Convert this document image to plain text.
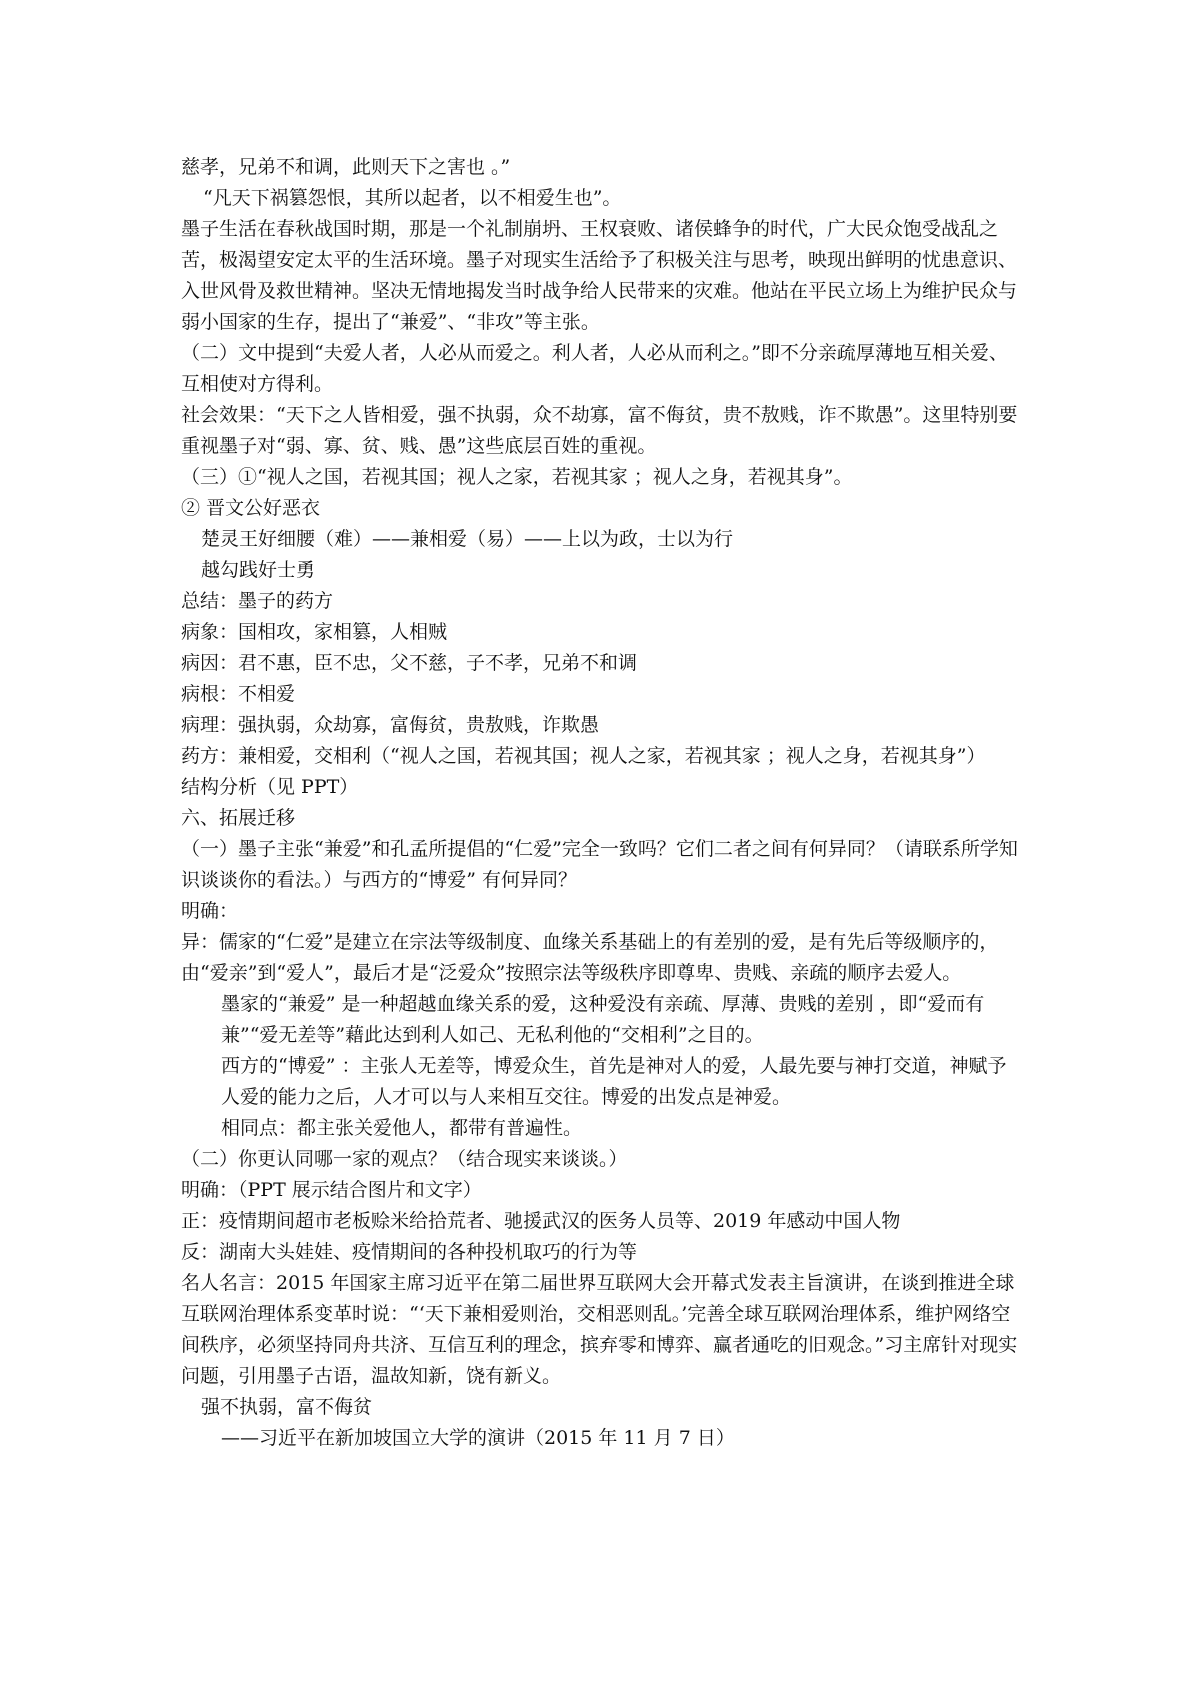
慈孝，兄弟不和调，此则天下之害也 。”

“凡天下祸篡怨恨，其所以起者，以不相爱生也”。

墨子生活在春秋战国时期，那是一个礼制崩坍、王权衰败、诸侯蜂争的时代，广大民众饱受战乱之苦，极渴望安定太平的生活环境。墨子对现实生活给予了积极关注与思考，映现出鲜明的忧患意识、入世风骨及救世精神。坚决无情地揭发当时战争给人民带来的灾难。他站在平民立场上为维护民众与弱小国家的生存，提出了“兼爱”、“非攻”等主张。

（二）文中提到“夫爱人者，人必从而爱之。利人者，人必从而利之。”即不分亲疏厚薄地互相关爱、互相使对方得利。

社会效果：“天下之人皆相爱，强不执弱，众不劫寡，富不侮贫，贵不敖贱，诈不欺愚”。这里特别要重视墨子对“弱、寡、贫、贱、愚”这些底层百姓的重视。

（三）①“视人之国，若视其国；视人之家，若视其家 ；视人之身，若视其身”。

② 晋文公好恶衣

楚灵王好细腰（难）——兼相爱（易）——上以为政，士以为行

越勾践好士勇

总结：墨子的药方

病象：国相攻，家相篡，人相贼

病因：君不惠，臣不忠，父不慈，子不孝，兄弟不和调

病根：不相爱

病理：强执弱，众劫寡，富侮贫，贵敖贱，诈欺愚

药方：兼相爱，交相利（“视人之国，若视其国；视人之家，若视其家 ；视人之身，若视其身”）

结构分析（见 PPT）

六、拓展迁移

（一）墨子主张“兼爱”和孔孟所提倡的“仁爱”完全一致吗？它们二者之间有何异同？（请联系所学知识谈谈你的看法。）与西方的“博爱” 有何异同？

明确：

异：儒家的“仁爱”是建立在宗法等级制度、血缘关系基础上的有差别的爱，是有先后等级顺序的，由“爱亲”到“爱人”，最后才是“泛爱众”按照宗法等级秩序即尊卑、贵贱、亲疏的顺序去爱人。

墨家的“兼爱” 是一种超越血缘关系的爱，这种爱没有亲疏、厚薄、贵贱的差别 ，即“爱而有兼”“爱无差等”藉此达到利人如己、无私利他的“交相利”之目的。

西方的“博爱” ：主张人无差等，博爱众生，首先是神对人的爱，人最先要与神打交道，神赋予人爱的能力之后，人才可以与人来相互交往。博爱的出发点是神爱。

相同点：都主张关爱他人，都带有普遍性。

（二）你更认同哪一家的观点？（结合现实来谈谈。）

明确：（PPT 展示结合图片和文字）

正：疫情期间超市老板赊米给拾荒者、驰援武汉的医务人员等、2019 年感动中国人物

反：湖南大头娃娃、疫情期间的各种投机取巧的行为等

名人名言：2015 年国家主席习近平在第二届世界互联网大会开幕式发表主旨演讲，在谈到推进全球互联网治理体系变革时说：“‘天下兼相爱则治，交相恶则乱。’完善全球互联网治理体系，维护网络空间秩序，必须坚持同舟共济、互信互利的理念，摈弃零和博弈、赢者通吃的旧观念。”习主席针对现实问题，引用墨子古语，温故知新，饶有新义。

强不执弱，富不侮贫

——习近平在新加坡国立大学的演讲（2015 年 11 月 7 日）
